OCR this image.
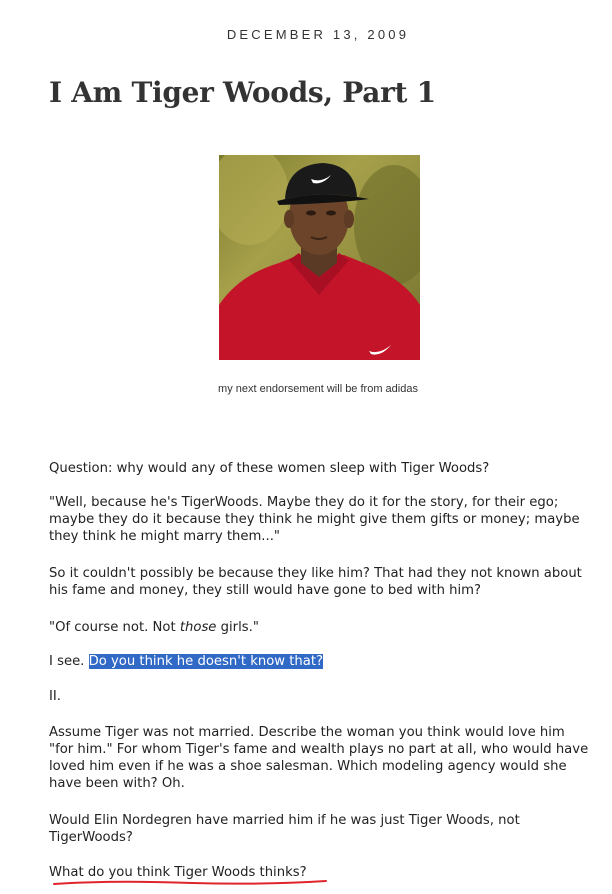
DECEMBER 13, 2009
I Am Tiger Woods, Part 1
my next endorsement will be from adidas

Question: why would any of these women sleep with Tiger Woods?

"Well, because he's TigerWoods. Maybe they do it for the story, for their ego; maybe they do it because they think he might give them gifts or money; maybe they think he might marry them..."

So it couldn't possibly be because they like him? That had they not known about his fame and money, they still would have gone to bed with him?

"Of course not. Not those girls."

I see. Do you think he doesn't know that?

II.

Assume Tiger was not married. Describe the woman you think would love him "for him." For whom Tiger's fame and wealth plays no part at all, who would have loved him even if he was a shoe salesman. Which modeling agency would she have been with? Oh.

Would Elin Nordegren have married him if he was just Tiger Woods, not TigerWoods?

What do you think Tiger Woods thinks?
